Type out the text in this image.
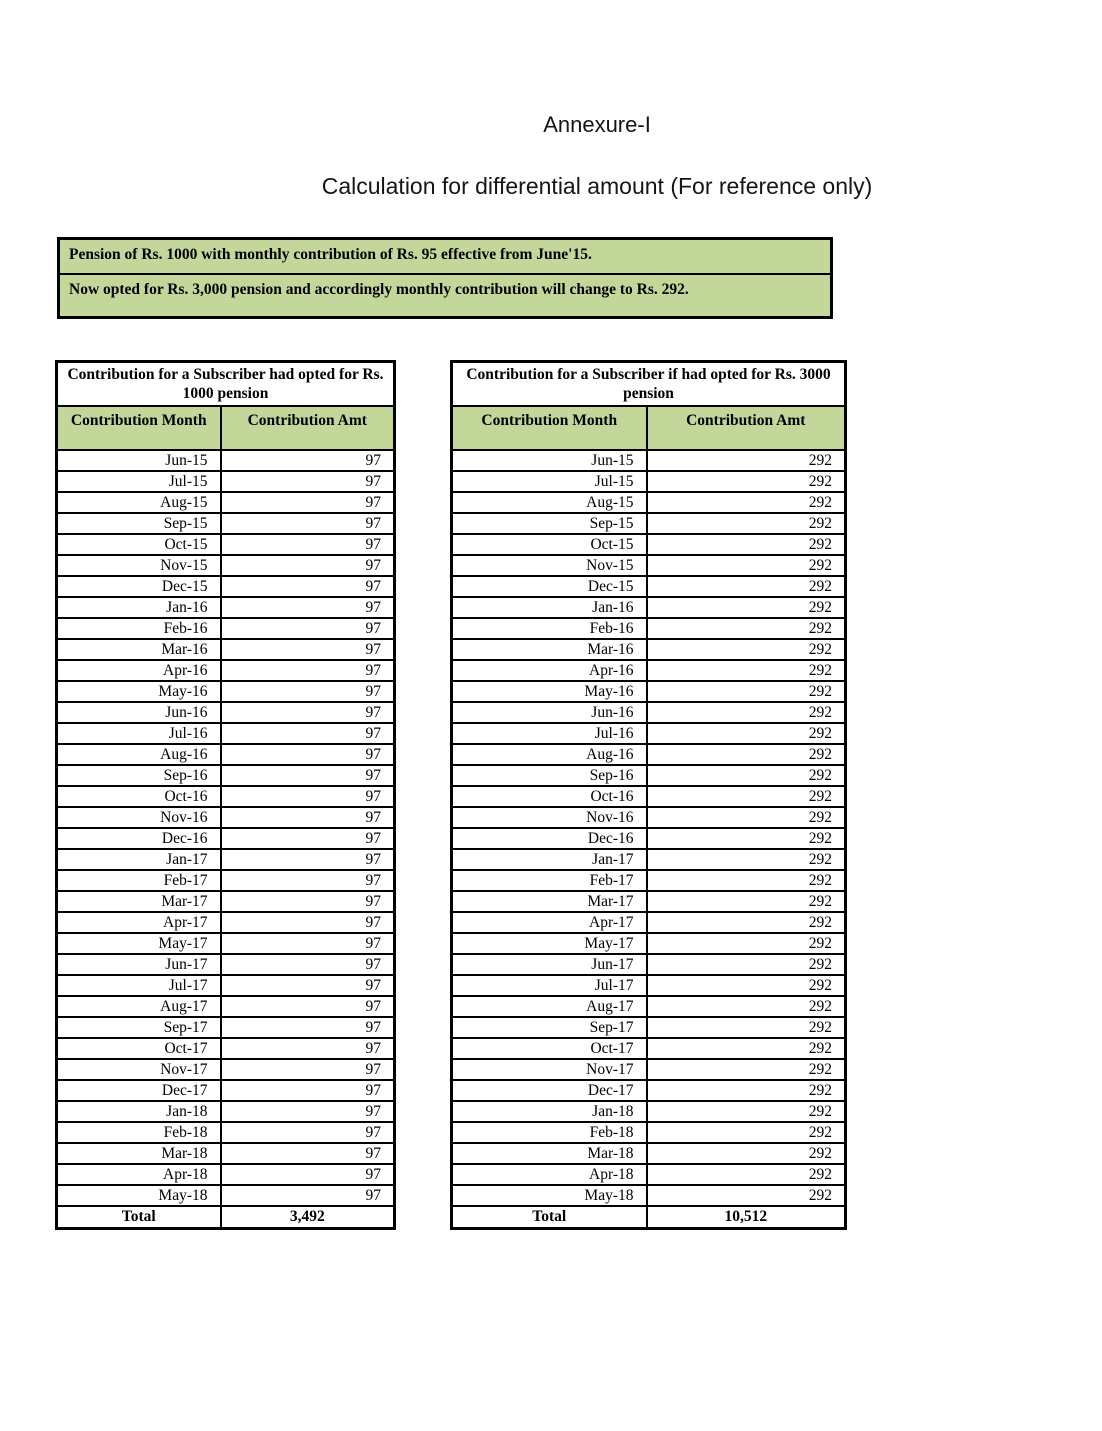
Annexure-I
Calculation for differential amount (For reference only)
Pension of Rs. 1000 with monthly contribution of Rs. 95 effective from June'15.
Now opted for Rs. 3,000 pension and accordingly monthly contribution will change to Rs. 292.
Contribution for a Subscriber had opted for Rs. 1000 pension	
Contribution Month	Contribution Amt
Jun-15	97
Jul-15	97
Aug-15	97
Sep-15	97
Oct-15	97
Nov-15	97
Dec-15	97
Jan-16	97
Feb-16	97
Mar-16	97
Apr-16	97
May-16	97
Jun-16	97
Jul-16	97
Aug-16	97
Sep-16	97
Oct-16	97
Nov-16	97
Dec-16	97
Jan-17	97
Feb-17	97
Mar-17	97
Apr-17	97
May-17	97
Jun-17	97
Jul-17	97
Aug-17	97
Sep-17	97
Oct-17	97
Nov-17	97
Dec-17	97
Jan-18	97
Feb-18	97
Mar-18	97
Apr-18	97
May-18	97
Total	3,492
Contribution for a Subscriber if had opted for Rs. 3000 pension	
Contribution Month	Contribution Amt
Jun-15	292
Jul-15	292
Aug-15	292
Sep-15	292
Oct-15	292
Nov-15	292
Dec-15	292
Jan-16	292
Feb-16	292
Mar-16	292
Apr-16	292
May-16	292
Jun-16	292
Jul-16	292
Aug-16	292
Sep-16	292
Oct-16	292
Nov-16	292
Dec-16	292
Jan-17	292
Feb-17	292
Mar-17	292
Apr-17	292
May-17	292
Jun-17	292
Jul-17	292
Aug-17	292
Sep-17	292
Oct-17	292
Nov-17	292
Dec-17	292
Jan-18	292
Feb-18	292
Mar-18	292
Apr-18	292
May-18	292
Total	10,512
